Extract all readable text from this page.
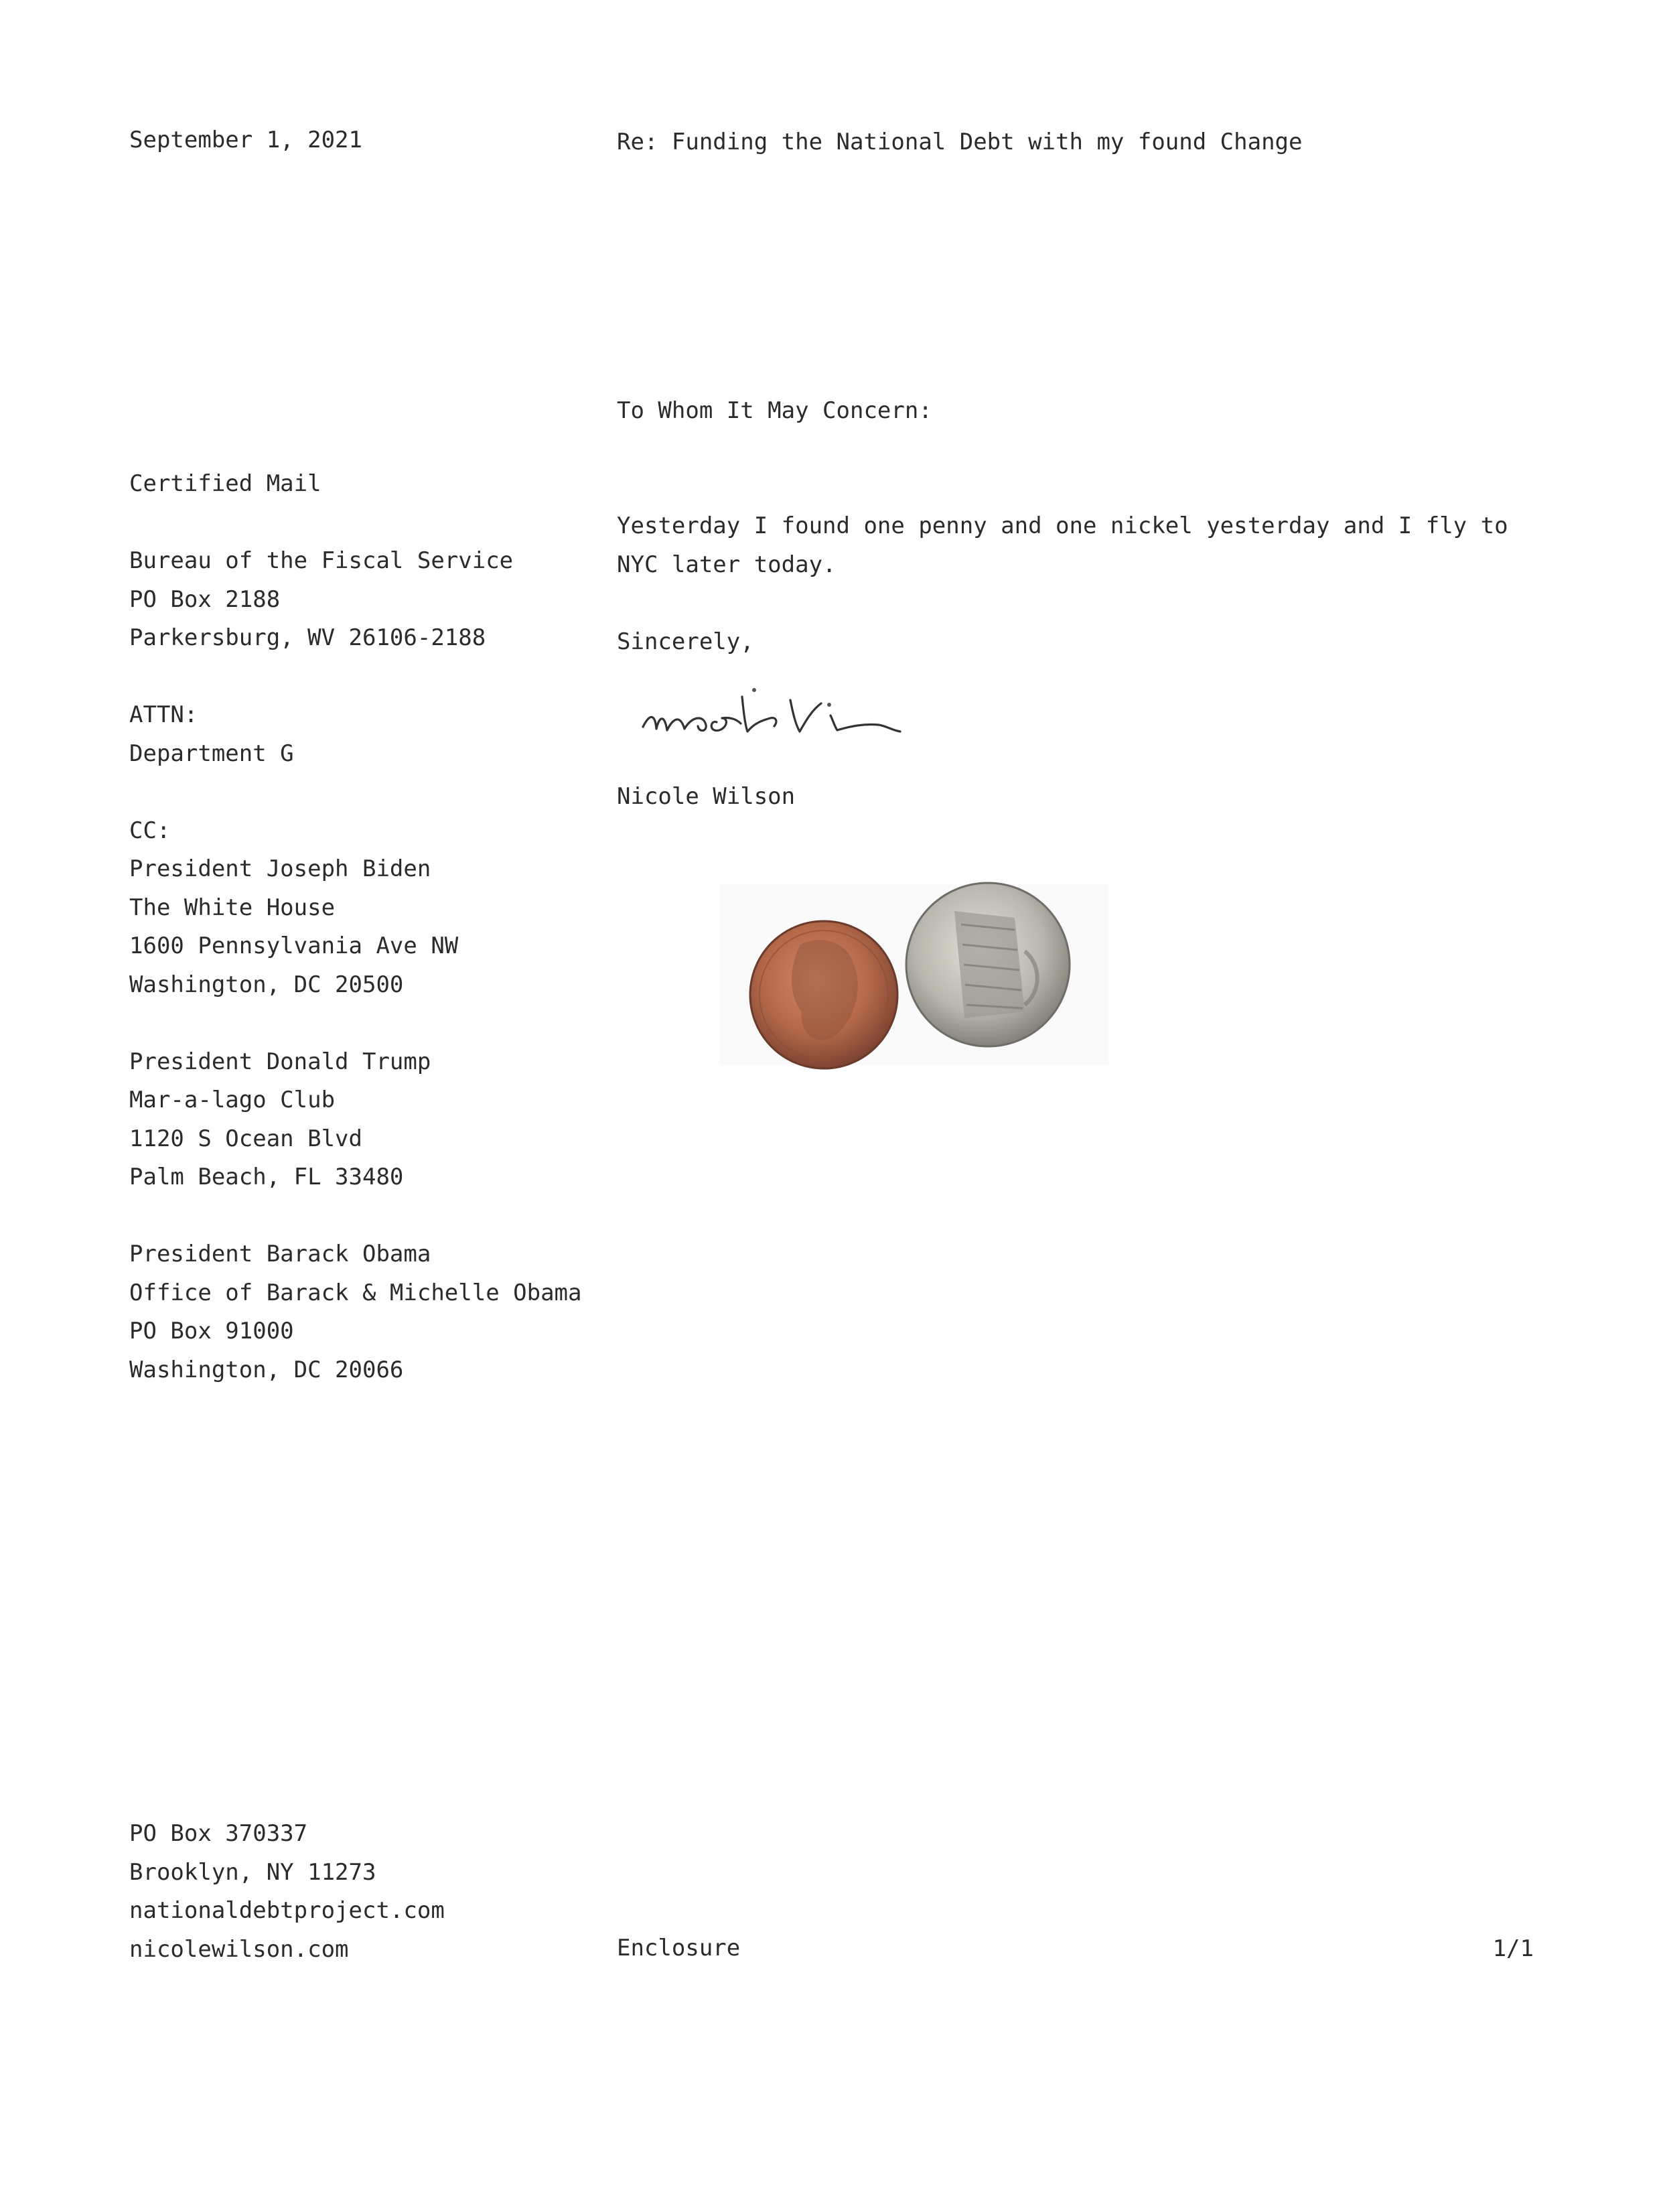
September 1, 2021	Re: Funding the National Debt with my found Change
To Whom It May Concern:
Certified Mail
Bureau of the Fiscal Service
PO Box 2188
Parkersburg, WV 26106-2188
ATTN:
Department G
CC:
President Joseph Biden
The White House
1600 Pennsylvania Ave NW
Washington, DC 20500
President Donald Trump
Mar-a-lago Club
1120 S Ocean Blvd
Palm Beach, FL 33480
President Barack Obama
Office of Barack & Michelle Obama
PO Box 91000
Washington, DC 20066
Yesterday I found one penny and one nickel yesterday and I fly to
NYC later today.
Sincerely,
Nicole Wilson
PO Box 370337
Brooklyn, NY 11273
nationaldebtproject.com
nicolewilson.com	Enclosure	1/1
